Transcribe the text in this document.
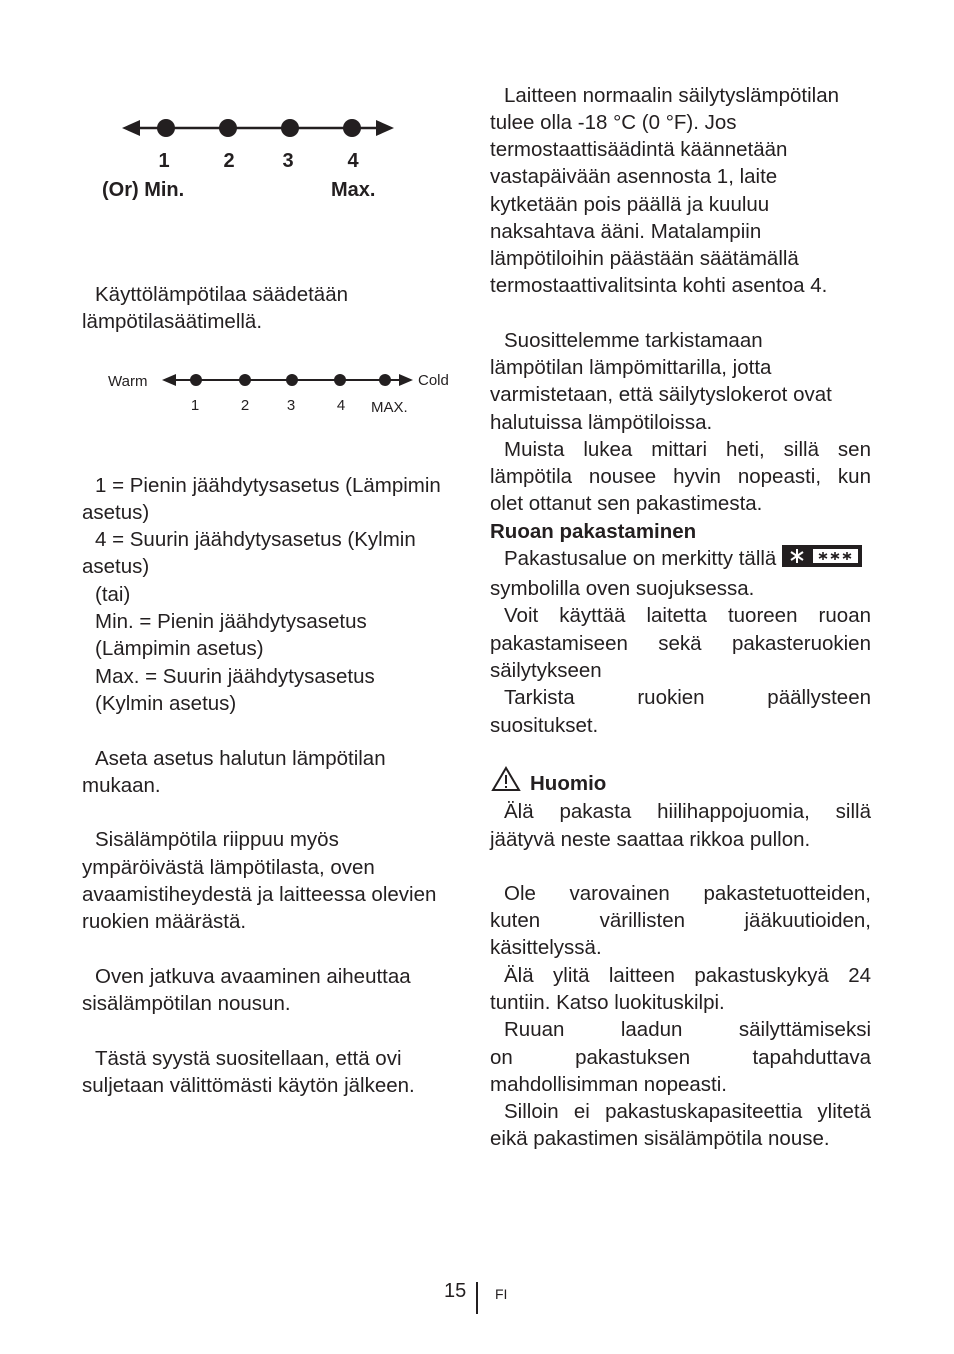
1	2 3	4
(Or) Min.	Max.

Käyttölämpötilaa säädetään

lämpötilasäätimellä.

Warm	Cold
1	2	3	4 MAX.

1 = Pienin jäähdytysasetus (Lämpimin

asetus)

4 = Suurin jäähdytysasetus (Kylmin

asetus)

(tai)

Min. = Pienin jäähdytysasetus

(Lämpimin asetus)

Max. = Suurin jäähdytysasetus

(Kylmin asetus)

Aseta asetus halutun lämpötilan

mukaan.

Sisälämpötila riippuu myös

ympäröivästä lämpötilasta, oven

avaamistiheydestä ja laitteessa olevien

ruokien määrästä.

Oven jatkuva avaaminen aiheuttaa

sisälämpötilan nousun.

Tästä syystä suositellaan, että ovi

suljetaan välittömästi käytön jälkeen.

Laitteen normaalin säilytyslämpötilan

tulee olla -18 °C (0 °F). Jos

termostaattisäädintä käännetään

vastapäivään asennosta 1, laite

kytketään pois päällä ja kuuluu

naksahtava ääni. Matalampiin

lämpötiloihin päästään säätämällä

termostaattivalitsinta kohti asentoa 4.

Suosittelemme tarkistamaan

lämpötilan lämpömittarilla, jotta

varmistetaan, että säilytyslokerot ovat

halutuissa lämpötiloissa.

Muista lukea mittari heti, sillä sen

lämpötila nousee hyvin nopeasti, kun

olet ottanut sen pakastimesta.

Ruoan pakastaminen

Pakastusalue on merkitty tällä

symbolilla oven suojuksessa.

Voit käyttää laitetta tuoreen ruoan

pakastamiseen sekä pakasteruokien

säilytykseen

Tarkista ruokien päällysteen

suositukset.

Huomio

Älä pakasta hiilihappojuomia, sillä

jäätyvä neste saattaa rikkoa pullon.

Ole varovainen pakastetuotteiden,

kuten värillisten jääkuutioiden,

käsittelyssä.

Älä ylitä laitteen pakastuskykyä 24

tuntiin. Katso luokituskilpi.

Ruuan laadun säilyttämiseksi

on pakastuksen tapahduttava

mahdollisimman nopeasti.

Silloin ei pakastuskapasiteettia ylitetä

eikä pakastimen sisälämpötila nouse.

15 FI
